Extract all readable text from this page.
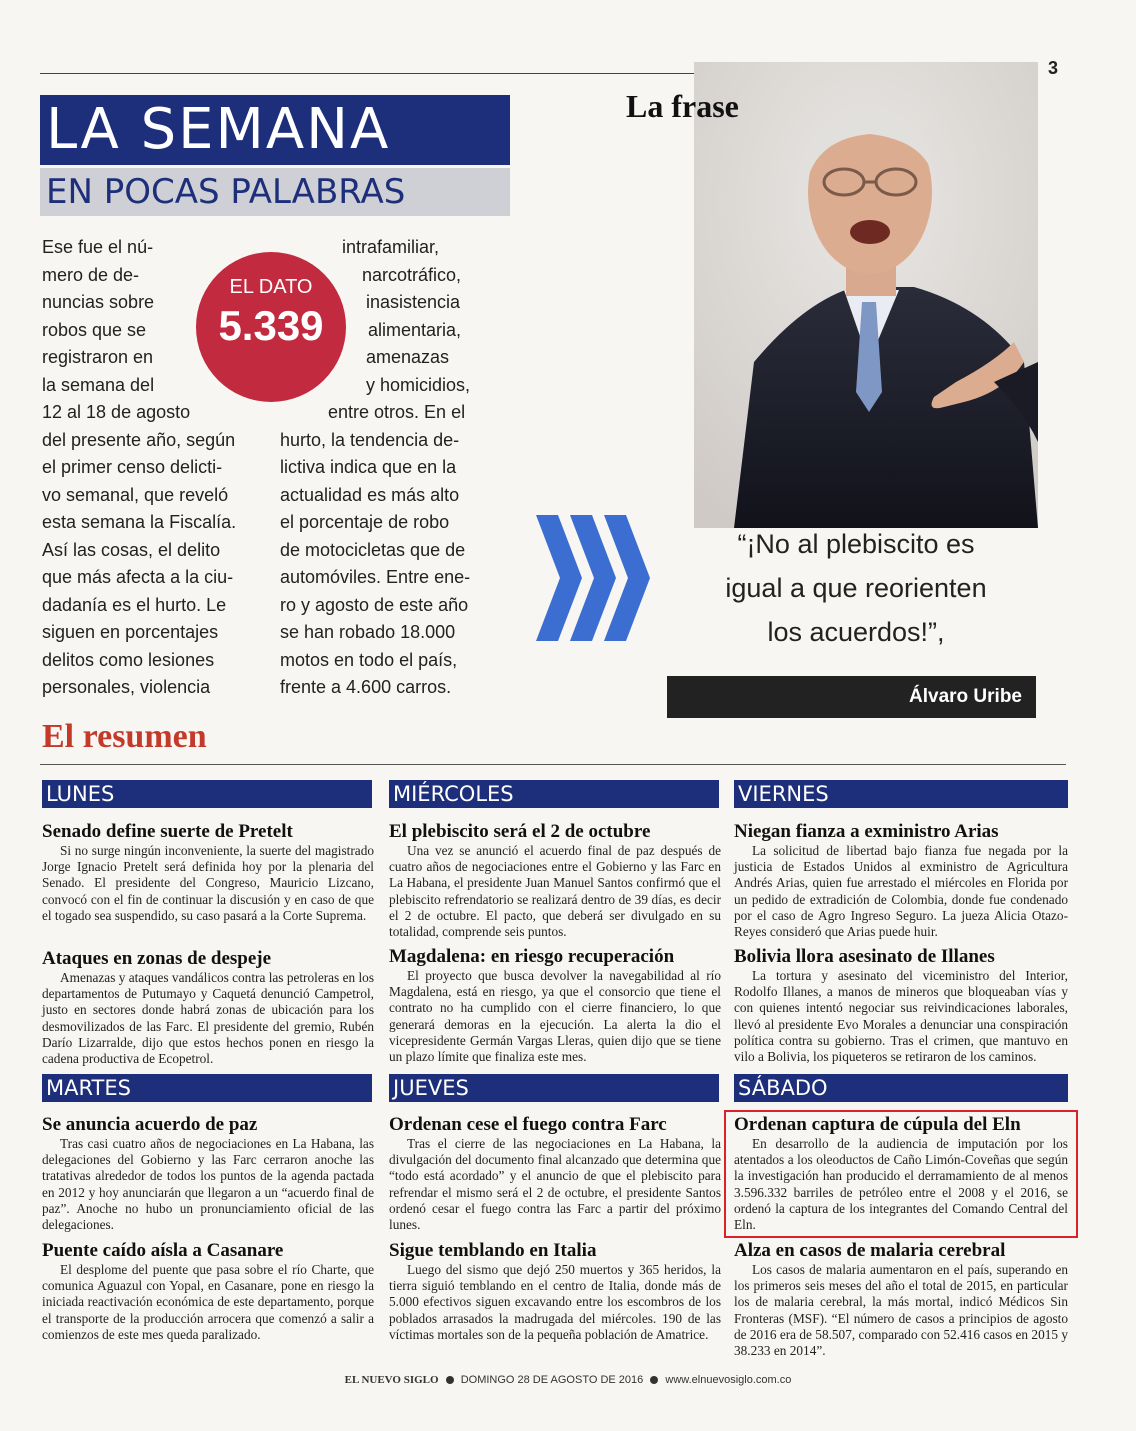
3
LA SEMANA
EN POCAS PALABRAS
Ese fue el nú-
mero de de-
nuncias sobre
robos que se
registraron en
la semana del
12 al 18 de agosto
del presente año, según
el primer censo delicti-
vo semanal, que reveló
esta semana la Fiscalía.
Así las cosas, el delito
que más afecta a la ciu-
dadanía es el hurto. Le
siguen en porcentajes
delitos como lesiones
personales, violencia
intrafamiliar,
narcotráfico,
inasistencia
alimentaria,
amenazas
y homicidios,
entre otros. En el
hurto, la tendencia de-
lictiva indica que en la
actualidad es más alto
el porcentaje de robo
de motocicletas que de
automóviles. Entre ene-
ro y agosto de este año
se han robado 18.000
motos en todo el país,
frente a 4.600 carros.
EL DATO
5.339
La frase
“¡No al plebiscito es
igual a que reorienten
los acuerdos!”,
Álvaro Uribe
El resumen
LUNES	MIÉRCOLES	VIERNES
MARTES	JUEVES	SÁBADO
Senado define suerte de Pretelt
Si no surge ningún inconveniente, la suerte del magistrado Jorge Ignacio Pretelt será definida hoy por la plenaria del Senado. El presidente del Congreso, Mauricio Lizcano, convocó con el fin de continuar la discusión y en caso de que el togado sea suspendido, su caso pasará a la Corte Suprema.
Ataques en zonas de despeje
Amenazas y ataques vandálicos contra las petroleras en los departamentos de Putumayo y Caquetá denunció Campetrol, justo en sectores donde habrá zonas de ubicación para los desmovilizados de las Farc. El presidente del gremio, Rubén Darío Lizarralde, dijo que estos hechos ponen en riesgo la cadena productiva de Ecopetrol.
Se anuncia acuerdo de paz
Tras casi cuatro años de negociaciones en La Habana, las delegaciones del Gobierno y las Farc cerraron anoche las tratativas alrededor de todos los puntos de la agenda pactada en 2012 y hoy anunciarán que llegaron a un “acuerdo final de paz”. Anoche no hubo un pronunciamiento oficial de las delegaciones.
Puente caído aísla a Casanare
El desplome del puente que pasa sobre el río Charte, que comunica Aguazul con Yopal, en Casanare, pone en riesgo la iniciada reactivación económica de este departamento, porque el transporte de la producción arrocera que comenzó a salir a comienzos de este mes queda paralizado.
El plebiscito será el 2 de octubre
Una vez se anunció el acuerdo final de paz después de cuatro años de negociaciones entre el Gobierno y las Farc en La Habana, el presidente Juan Manuel Santos confirmó que el plebiscito refrendatorio se realizará dentro de 39 días, es decir el 2 de octubre. El pacto, que deberá ser divulgado en su totalidad, comprende seis puntos.
Magdalena: en riesgo recuperación
El proyecto que busca devolver la navegabilidad al río Magdalena, está en riesgo, ya que el consorcio que tiene el contrato no ha cumplido con el cierre financiero, lo que generará demoras en la ejecución. La alerta la dio el vicepresidente Germán Vargas Lleras, quien dijo que se tiene un plazo límite que finaliza este mes.
Ordenan cese el fuego contra Farc
Tras el cierre de las negociaciones en La Habana, la divulgación del documento final alcanzado que determina que “todo está acordado” y el anuncio de que el plebiscito para refrendar el mismo será el 2 de octubre, el presidente Santos ordenó cesar el fuego contra las Farc a partir del próximo lunes.
Sigue temblando en Italia
Luego del sismo que dejó 250 muertos y 365 heridos, la tierra siguió temblando en el centro de Italia, donde más de 5.000 efectivos siguen excavando entre los escombros de los poblados arrasados la madrugada del miércoles. 190 de las víctimas mortales son de la pequeña población de Amatrice.
Niegan fianza a exministro Arias
La solicitud de libertad bajo fianza fue negada por la justicia de Estados Unidos al exministro de Agricultura Andrés Arias, quien fue arrestado el miércoles en Florida por un pedido de extradición de Colombia, donde fue condenado por el caso de Agro Ingreso Seguro. La jueza Alicia Otazo-Reyes consideró que Arias puede huir.
Bolivia llora asesinato de Illanes
La tortura y asesinato del viceministro del Interior, Rodolfo Illanes, a manos de mineros que bloqueaban vías y con quienes intentó negociar sus reivindicaciones laborales, llevó al presidente Evo Morales a denunciar una conspiración política contra su gobierno. Tras el crimen, que mantuvo en vilo a Bolivia, los piqueteros se retiraron de los caminos.
Ordenan captura de cúpula del Eln
En desarrollo de la audiencia de imputación por los atentados a los oleoductos de Caño Limón-Coveñas que según la investigación han producido el derramamiento de al menos 3.596.332 barriles de petróleo entre el 2008 y el 2016, se ordenó la captura de los integrantes del Comando Central del Eln.
Alza en casos de malaria cerebral
Los casos de malaria aumentaron en el país, superando en los primeros seis meses del año el total de 2015, en particular los de malaria cerebral, la más mortal, indicó Médicos Sin Fronteras (MSF). “El número de casos a principios de agosto de 2016 era de 58.507, comparado con 52.416 casos en 2015 y 38.233 en 2014”.
EL NUEVO SIGLO DOMINGO 28 DE AGOSTO DE 2016 www.elnuevosiglo.com.co
